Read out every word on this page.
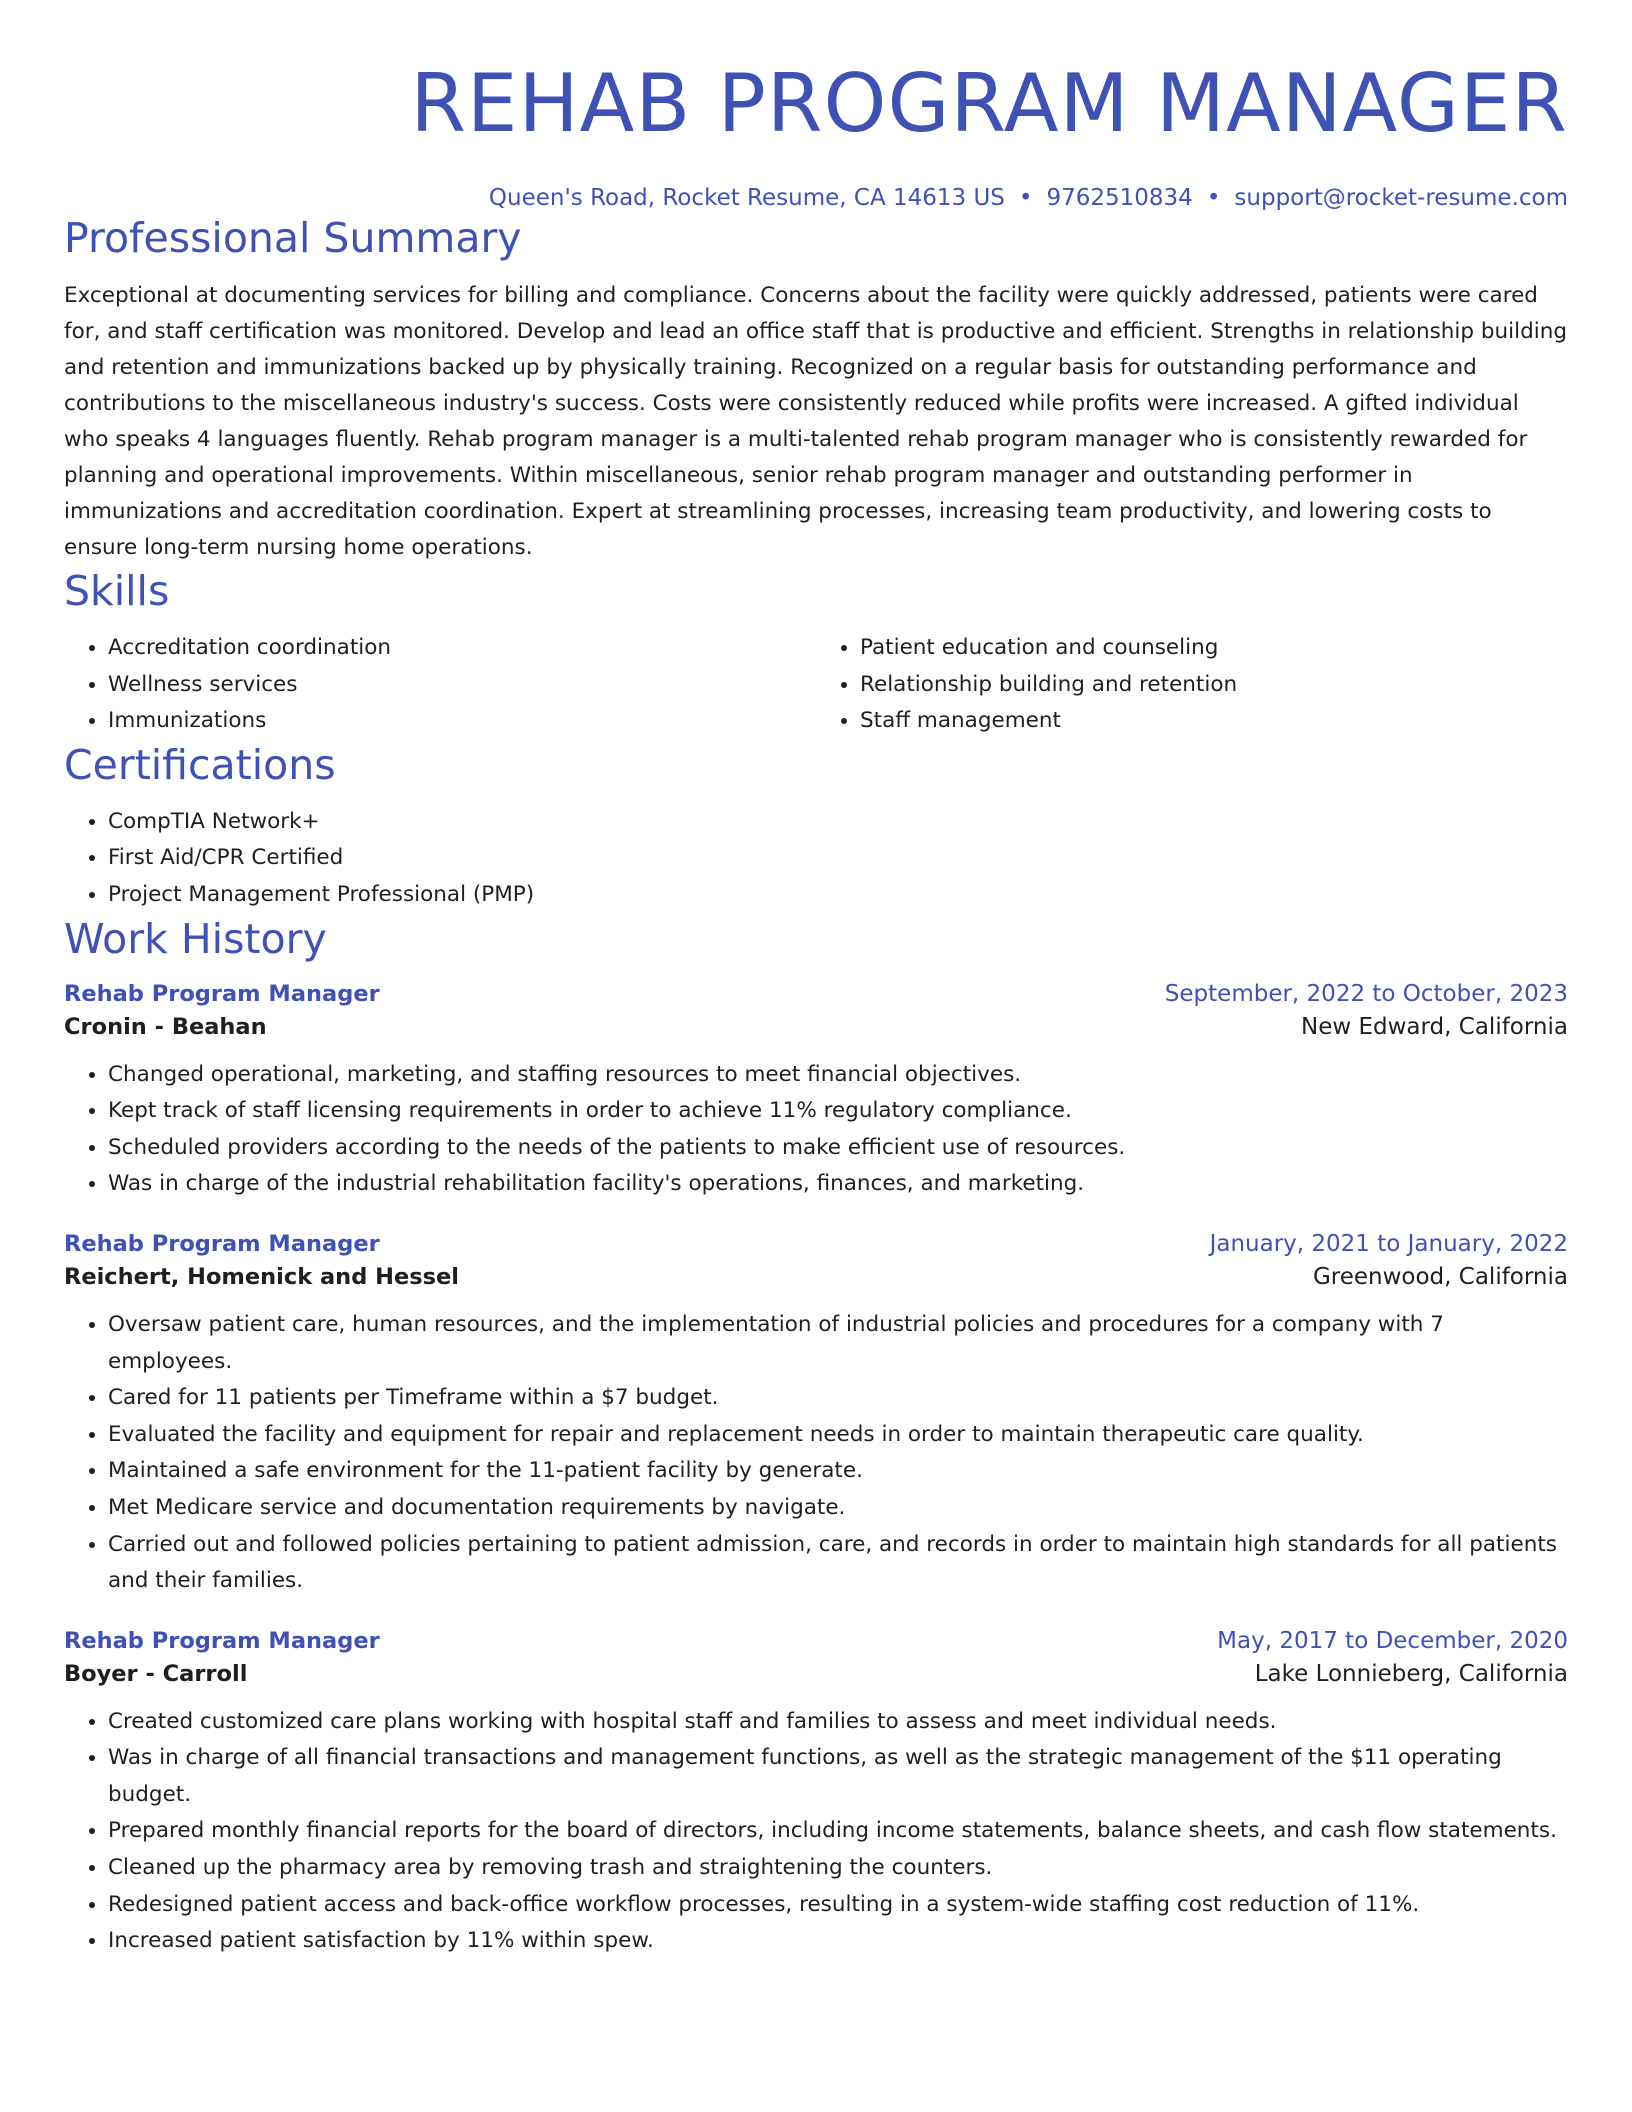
REHAB PROGRAM MANAGER
Queen's Road, Rocket Resume, CA 14613 US • 9762510834 • support@rocket-resume.com
Professional Summary

Exceptional at documenting services for billing and compliance. Concerns about the facility were quickly addressed, patients were cared for, and staff certification was monitored. Develop and lead an office staff that is productive and efficient. Strengths in relationship building and retention and immunizations backed up by physically training. Recognized on a regular basis for outstanding performance and contributions to the miscellaneous industry's success. Costs were consistently reduced while profits were increased. A gifted individual who speaks 4 languages fluently. Rehab program manager is a multi-talented rehab program manager who is consistently rewarded for planning and operational improvements. Within miscellaneous, senior rehab program manager and outstanding performer in immunizations and accreditation coordination. Expert at streamlining processes, increasing team productivity, and lowering costs to ensure long-term nursing home operations.

Skills
• Accreditation coordination
• Wellness services
• Immunizations
• Patient education and counseling
• Relationship building and retention
• Staff management
Certifications
• CompTIA Network+
• First Aid/CPR Certified
• Project Management Professional (PMP)
Work History
Rehab Program Manager	September, 2022 to October, 2023
Cronin - Beahan	New Edward, California
• Changed operational, marketing, and staffing resources to meet financial objectives.
• Kept track of staff licensing requirements in order to achieve 11% regulatory compliance.
• Scheduled providers according to the needs of the patients to make efficient use of resources.
• Was in charge of the industrial rehabilitation facility's operations, finances, and marketing.
Rehab Program Manager	January, 2021 to January, 2022
Reichert, Homenick and Hessel	Greenwood, California
• Oversaw patient care, human resources, and the implementation of industrial policies and procedures for a company with 7 employees.
• Cared for 11 patients per Timeframe within a $7 budget.
• Evaluated the facility and equipment for repair and replacement needs in order to maintain therapeutic care quality.
• Maintained a safe environment for the 11-patient facility by generate.
• Met Medicare service and documentation requirements by navigate.
• Carried out and followed policies pertaining to patient admission, care, and records in order to maintain high standards for all patients and their families.
Rehab Program Manager	May, 2017 to December, 2020
Boyer - Carroll	Lake Lonnieberg, California
• Created customized care plans working with hospital staff and families to assess and meet individual needs.
• Was in charge of all financial transactions and management functions, as well as the strategic management of the $11 operating budget.
• Prepared monthly financial reports for the board of directors, including income statements, balance sheets, and cash flow statements.
• Cleaned up the pharmacy area by removing trash and straightening the counters.
• Redesigned patient access and back-office workflow processes, resulting in a system-wide staffing cost reduction of 11%.
• Increased patient satisfaction by 11% within spew.
